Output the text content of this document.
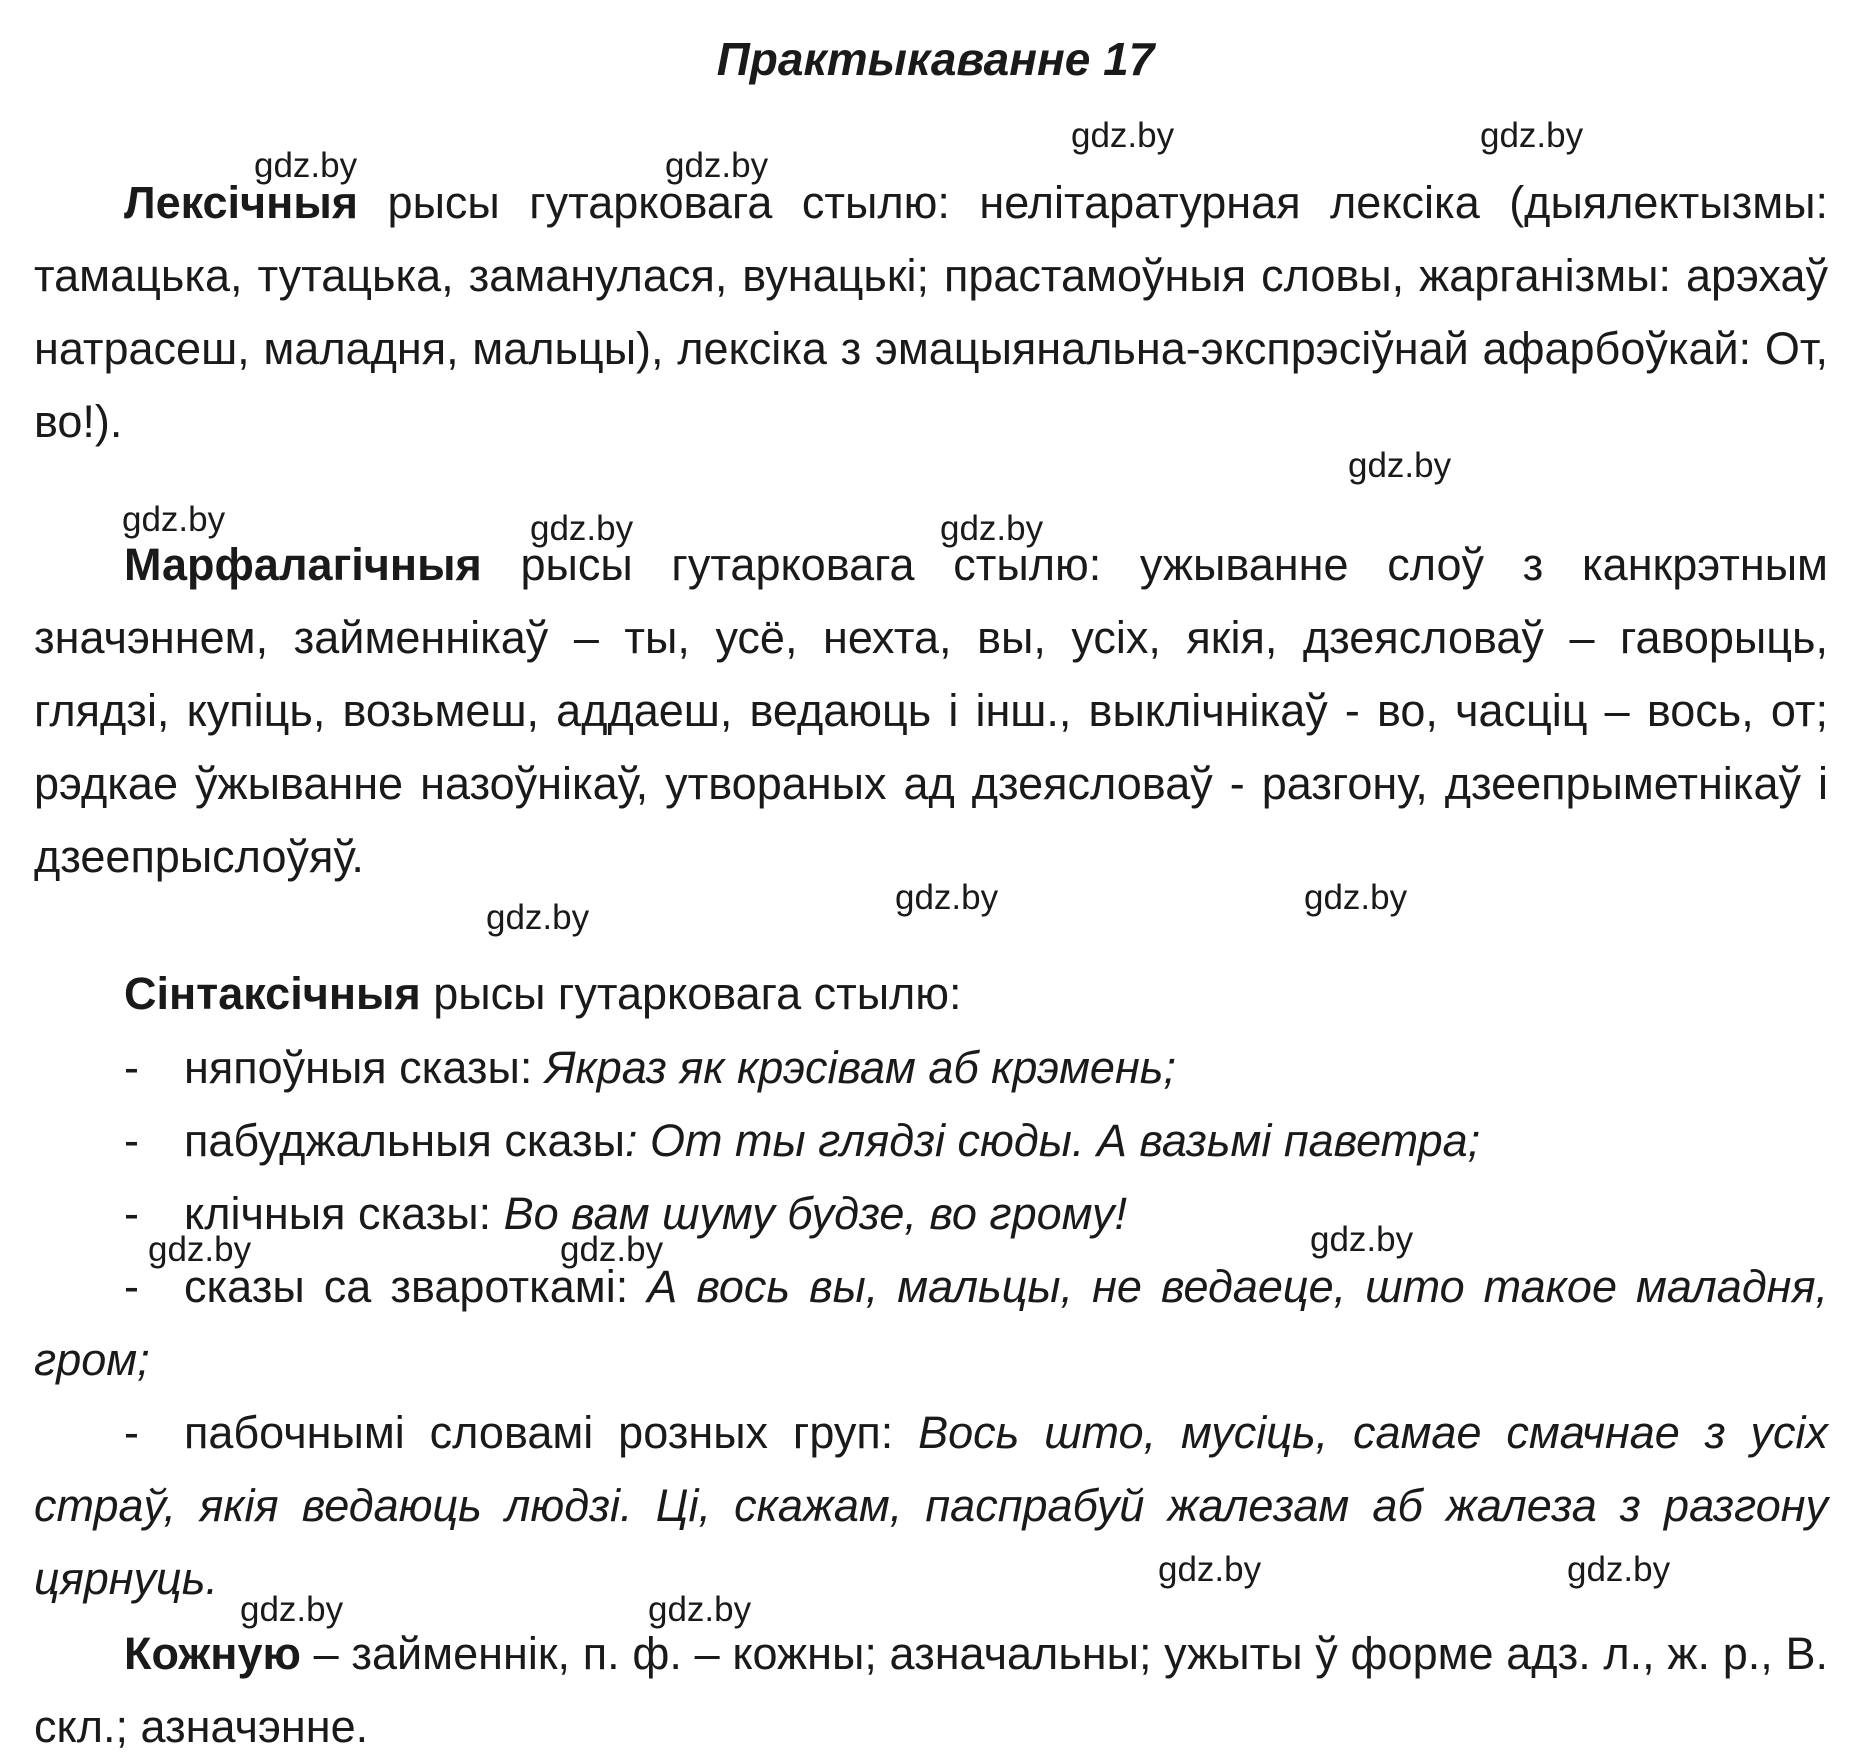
Практыкаванне 17

Лексічныя рысы гутарковага стылю: нелітаратурная лексіка (дыялектызмы: тамацька, тутацька, заманулася, вунацькі; прастамоўныя словы, жарганізмы: арэхаў натрасеш, маладня, мальцы), лексіка з эмацыянальна-экспрэсіўнай афарбоўкай: От, во!).

Марфалагічныя рысы гутарковага стылю: ужыванне слоў з канкрэтным значэннем, займеннікаў – ты, усё, нехта, вы, усіх, якія, дзеясловаў – гаворыць, глядзі, купіць, возьмеш, аддаеш, ведаюць і інш., выклічнікаў - во, часціц – вось, от; рэдкае ўжыванне назоўнікаў, утвораных ад дзеясловаў - разгону, дзеепрыметнікаў і дзеепрыслоўяў.

Сінтаксічныя рысы гутарковага стылю:

- няпоўныя сказы: Якраз як крэсівам аб крэмень;

- пабуджальныя сказы: От ты глядзі сюды. А вазьмі паветра;

- клічныя сказы: Во вам шуму будзе, во грому!

- сказы са звароткамі: А вось вы, мальцы, не ведаеце, што такое маладня, гром;

- пабочнымі словамі розных груп: Вось што, мусіць, самае смачнае з усіх страў, якія ведаюць людзі. Ці, скажам, паспрабуй жалезам аб жалеза з разгону цярнуць.

Кожную – займеннік, п. ф. – кожны; азначальны; ужыты ў форме адз. л., ж. р., В. скл.; азначэнне.

gdz.by	gdz.by
gdz.by	gdz.by
gdz.by
gdz.by	gdz.by	gdz.by
gdz.by
gdz.by	gdz.by
gdz.by	gdz.by	gdz.by
gdz.by	gdz.by
gdz.by	gdz.by
